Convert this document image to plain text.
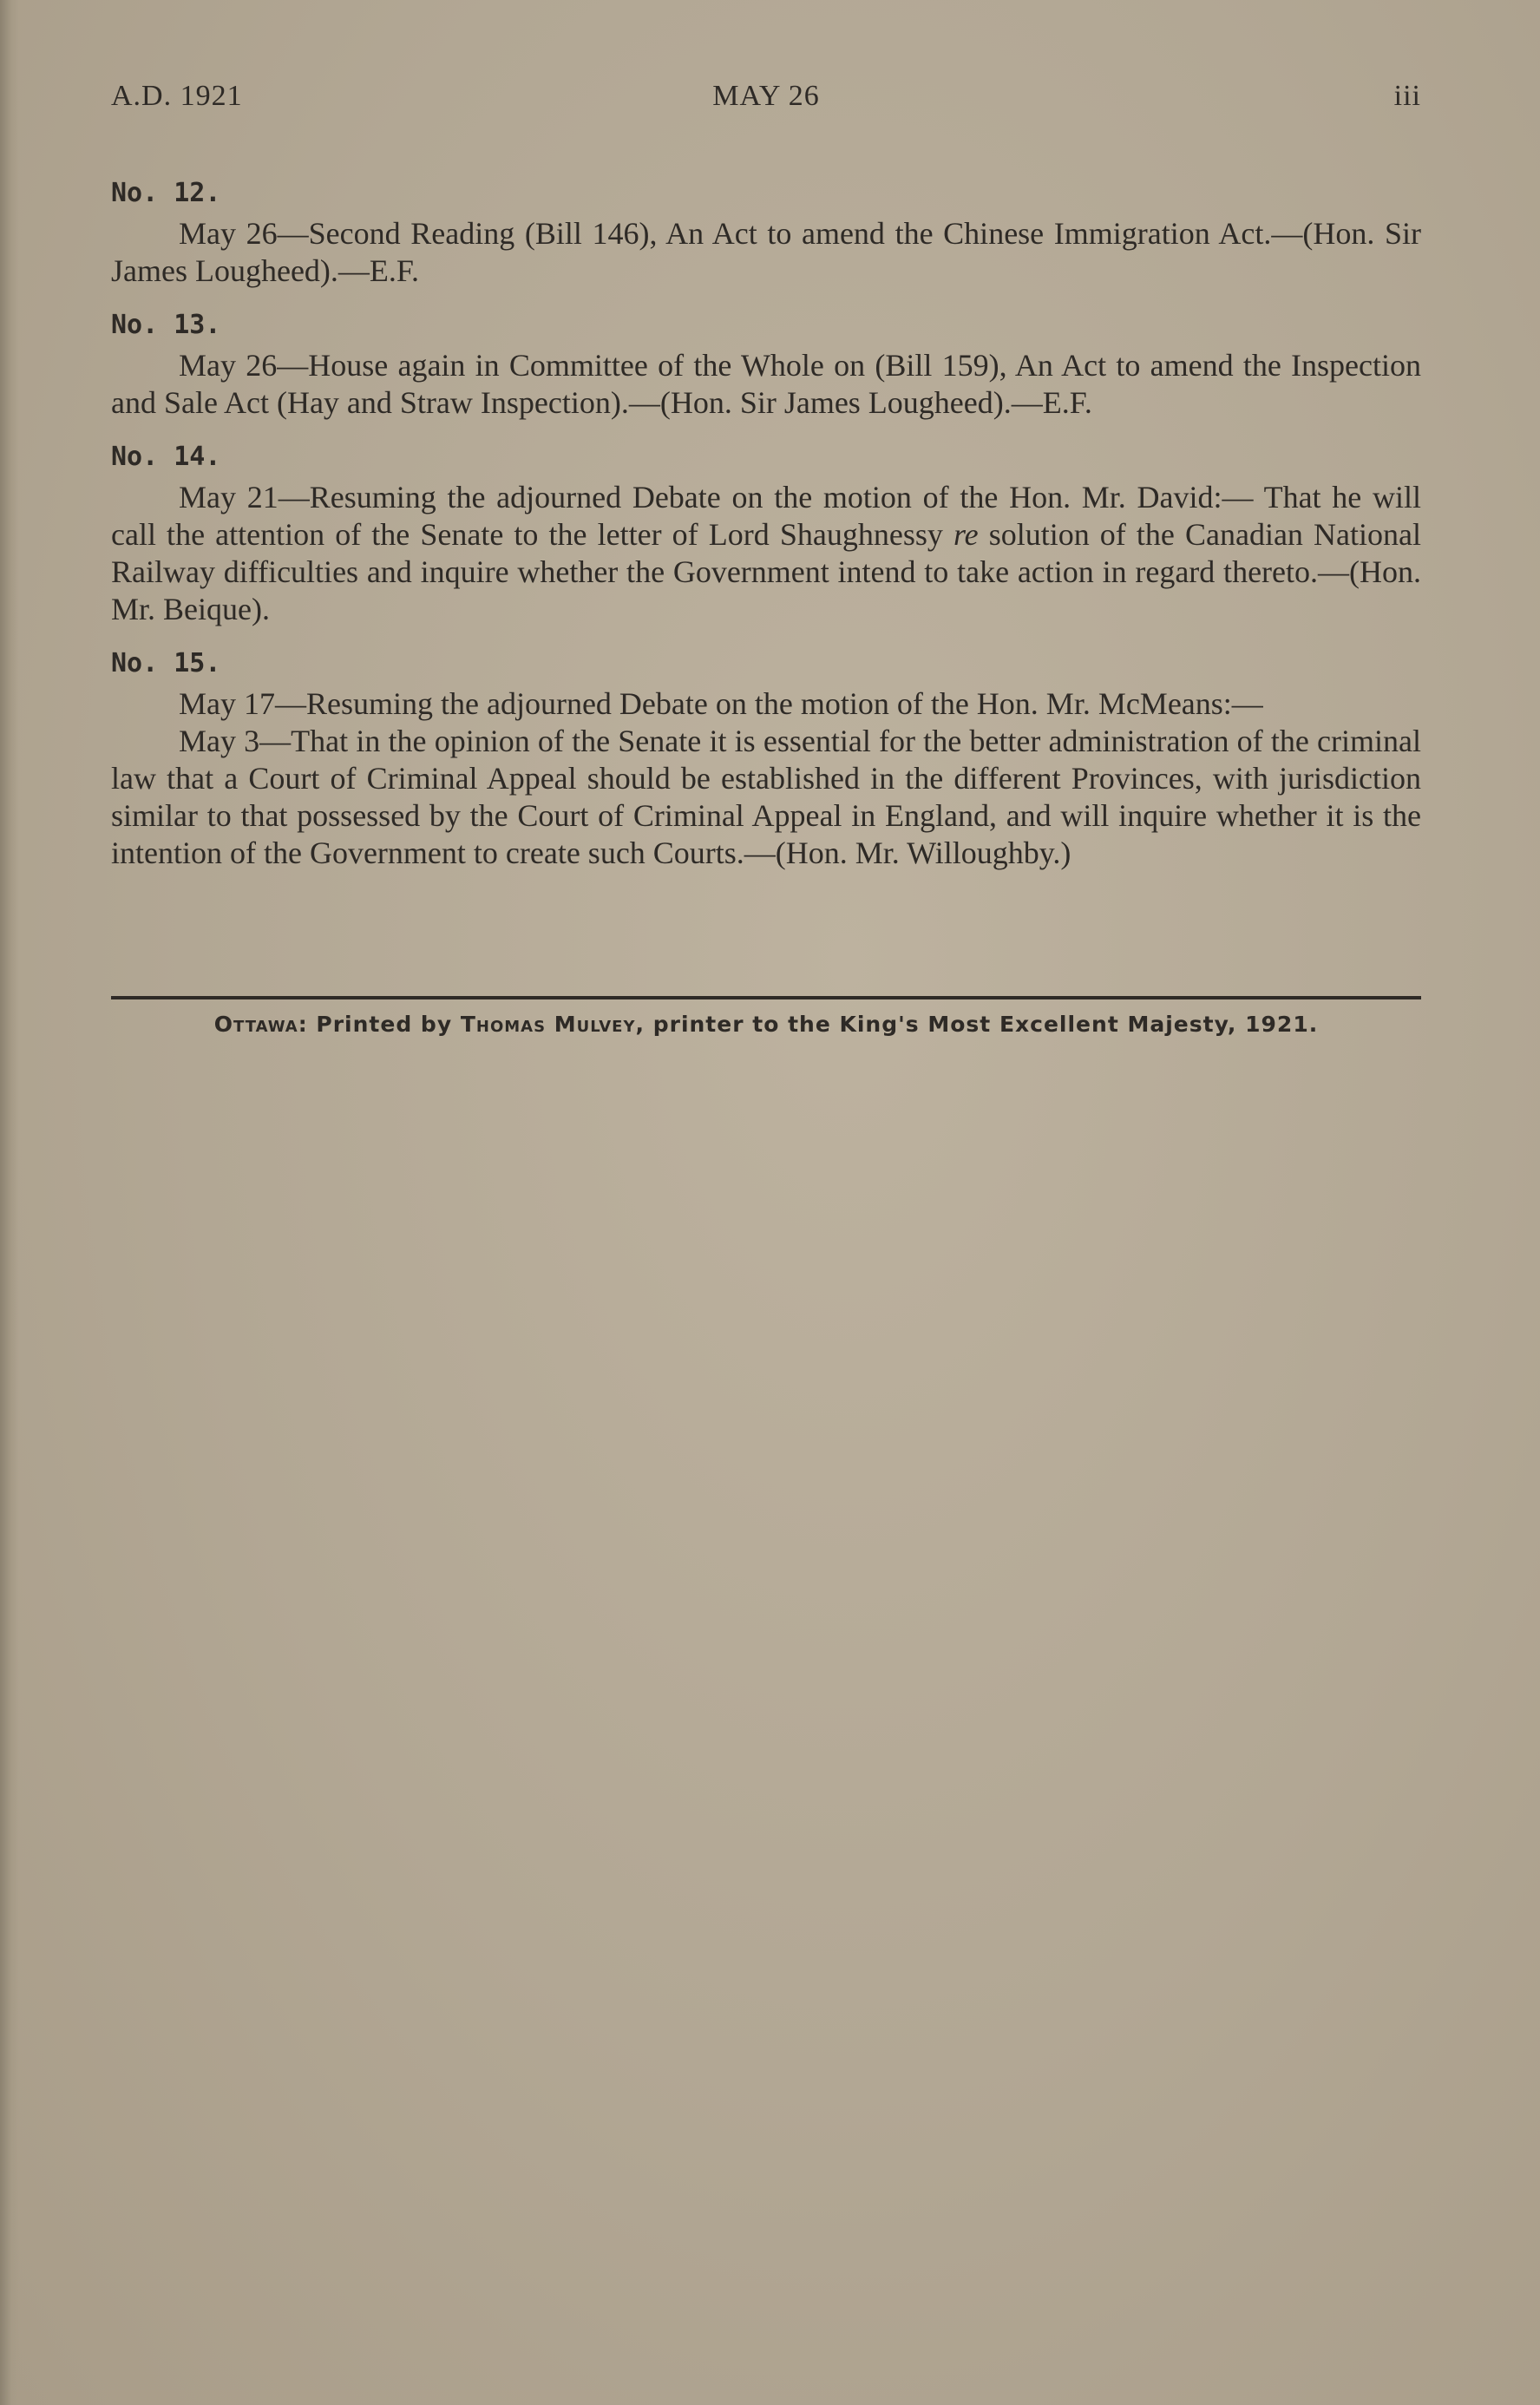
A.D. 1921	MAY 26	iii
No. 12.

May 26—Second Reading (Bill 146), An Act to amend the Chinese Immigration Act.—(Hon. Sir James Lougheed).—E.F.

No. 13.

May 26—House again in Committee of the Whole on (Bill 159), An Act to amend the Inspection and Sale Act (Hay and Straw Inspection).—(Hon. Sir James Lougheed).—E.F.

No. 14.

May 21—Resuming the adjourned Debate on the motion of the Hon. Mr. David:— That he will call the attention of the Senate to the letter of Lord Shaughnessy re solution of the Canadian National Railway difficulties and inquire whether the Government intend to take action in regard thereto.—(Hon. Mr. Beique).

No. 15.

May 17—Resuming the adjourned Debate on the motion of the Hon. Mr. McMeans:—

May 3—That in the opinion of the Senate it is essential for the better administration of the criminal law that a Court of Criminal Appeal should be established in the different Provinces, with jurisdiction similar to that possessed by the Court of Criminal Appeal in England, and will inquire whether it is the intention of the Government to create such Courts.—(Hon. Mr. Willoughby.)

Ottawa: Printed by Thomas Mulvey, printer to the King's Most Excellent Majesty, 1921.
